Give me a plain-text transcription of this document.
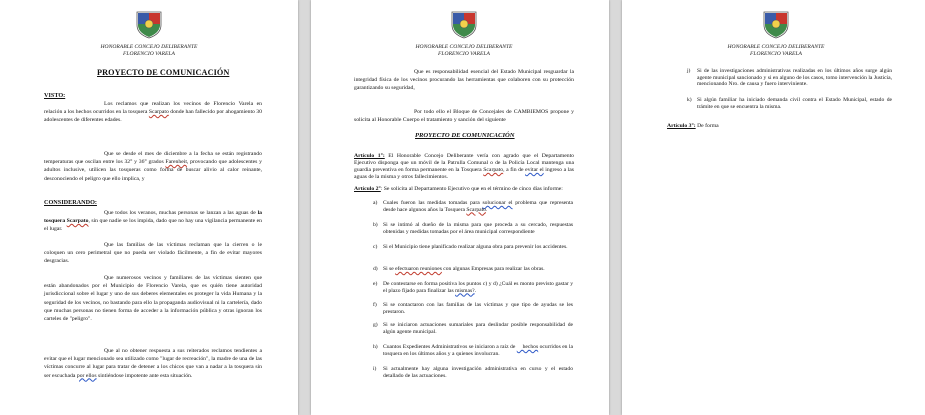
HONORABLE CONCEJO DELIBERANTE
FLORENCIO VARELA
PROYECTO DE COMUNICACIÓN
VISTO:
Los reclamos que realizan los vecinos de Florencio Varela en relación a los hechos ocurridos en la tosquera Scarpato donde han fallecido por ahogamiento 30 adolescentes de diferentes edades.
Que se desde el mes de diciembre a la fecha se están registrando temperaturas que oscilan entre los 32° y 36° grados Farenheit, provocando que adolescentes y adultos inclusive, utilicen las tosqueras como forma de buscar alivio al calor reinante, desconociendo el peligro que ello implica, y
CONSIDERANDO:
Que todos los veranos, muchas personas se lanzan a las aguas de la tosquera Scarpato, sin que nadie se los impida, dado que no hay una vigilancia permanente en el lugar.
Que las familias de las víctimas reclaman que la cierren o le coloquen un cero perimetral que no pueda ser violado fácilmente, a fin de evitar mayores desgracias.
Que numerosos vecinos y familiares de las víctimas sienten que están abandonados por el Municipio de Florencio Varela, que es quién tiene autoridad jurisdiccional sobre el lugar y uno de sus deberes elementales es proteger la vida Humana y la seguridad de los vecinos, no bastando para ello la propaganda audiovisual ni la cartelería, dado que muchas personas no tienen forma de acceder a la información pública y otras ignoran los carteles de "peligro".
Que al no obtener respuesta a sus reiterados reclamos tendientes a evitar que el lugar mencionado sea utilizado como "lugar de recreación", la madre de una de las víctimas concurre al lugar para tratar de detener a los chicos que van a nadar a la tosquera sin ser escuchada por ellos sintiéndose impotente ante esta situación.
HONORABLE CONCEJO DELIBERANTE
FLORENCIO VARELA
Que es responsabilidad esencial del Estado Municipal resguardar la integridad física de los vecinos procurando las herramientas que colaboren con su protección garantizando su seguridad,
Por todo ello el Bloque de Concejales de CAMBIEMOS propone y solicita al Honorable Cuerpo el tratamiento y sanción del siguiente
PROYECTO DE COMUNICACIÓN
Artículo 1°: El Honorable Concejo Deliberante vería con agrado que el Departamento Ejecutivo disponga que un móvil de la Patrulla Comunal o de la Policía Local mantenga una guardia preventiva en forma permanente en la Tosquera Scarpato, a fin de evitar el ingreso a las aguas de la misma y otros fallecimientos.
Artículo 2°: Se solicita al Departamento Ejecutivo que en el término de cinco días informe:
a) Cuales fueron las medidas tomadas para solucionar el problema que representa desde hace algunos años la Tosquera Scarpato.
b) Si se intimó al dueño de la misma para que proceda a su cercado, respuestas obtenidas y medidas tomadas por el área municipal correspondiente
c) Si el Municipio tiene planificado realizar alguna obra para prevenir los accidentes.
d) Si se efectuaron reuniones con algunas Empresas para realizar las obras.
e) De contestarse en forma positiva los puntos c) y d) ¿Cuál es monto previsto gastar y el plazo fijado para finalizar las mismas?.
f) Si se contactaron con las familias de las víctimas y que tipo de ayudas se les prestaron.
g) Si se iniciaron actuaciones sumariales para deslindar posible responsabilidad de algún agente municipal.
h) Cuantos Expedientes Administrativos se iniciaron a raíz de     hechos ocurridos en la tosquera en los últimos años y a quienes involucran.
i) Si actualmente hay alguna investigación administrativa en curso y el estado detallado de las actuaciones.
HONORABLE CONCEJO DELIBERANTE
FLORENCIO VARELA
j) Si de las investigaciones administrativas realizadas en los últimos años surge algún agente municipal sancionado y si en alguno de los casos, tomo intervención la Justicia, mencionando Nro. de causa y fuero interviniente.
k) Si algún familiar ha iniciado demanda civil contra el Estado Municipal, estado de trámite en que se encuentra la misma.
Artículo 3°: De forma
